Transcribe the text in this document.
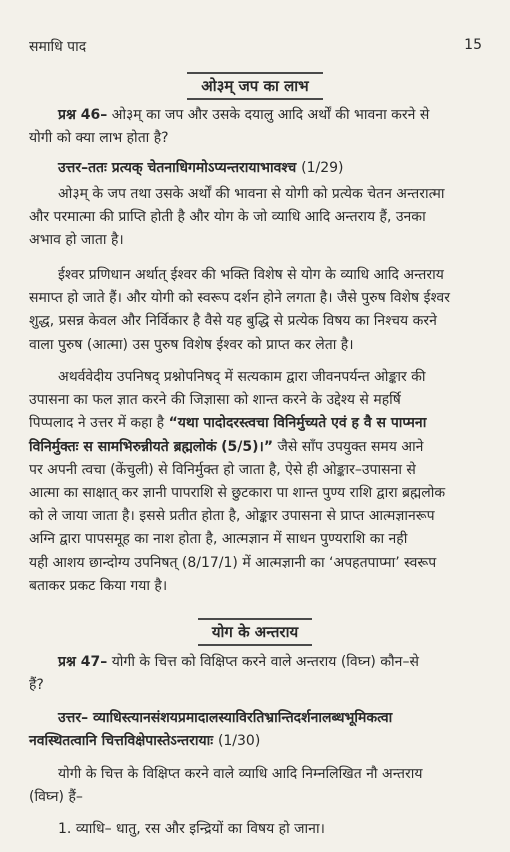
समाधि पाद	15
ओ३म् जप का लाभ

प्रश्न 46– ओ३म् का जप और उसके दयालु आदि अर्थों की भावना करने से

योगी को क्या लाभ होता है?

उत्तर–ततः प्रत्यक् चेतनाधिगमोऽप्यन्तरायाभावश्च (1/29)

ओ३म् के जप तथा उसके अर्थों की भावना से योगी को प्रत्येक चेतन अन्तरात्मा

और परमात्मा की प्राप्ति होती है और योग के जो व्याधि आदि अन्तराय हैं, उनका

अभाव हो जाता है।

ईश्वर प्रणिधान अर्थात् ईश्वर की भक्ति विशेष से योग के व्याधि आदि अन्तराय

समाप्त हो जाते हैं। और योगी को स्वरूप दर्शन होने लगता है। जैसे पुरुष विशेष ईश्वर

शुद्ध, प्रसन्न केवल और निर्विकार है वैसे यह बुद्धि से प्रत्येक विषय का निश्चय करने

वाला पुरुष (आत्मा) उस पुरुष विशेष ईश्वर को प्राप्त कर लेता है।

अथर्ववेदीय उपनिषद् प्रश्नोपनिषद् में सत्यकाम द्वारा जीवनपर्यन्त ओङ्कार की

उपासना का फल ज्ञात करने की जिज्ञासा को शान्त करने के उद्देश्य से महर्षि

पिप्पलाद ने उत्तर में कहा है “यथा पादोदरस्त्वचा विनिर्मुच्यते एवं ह वै स पाप्मना

विनिर्मुक्तः स सामभिरुन्नीयते ब्रह्मलोकं (5/5)।” जैसे साँप उपयुक्त समय आने

पर अपनी त्वचा (केंचुली) से विनिर्मुक्त हो जाता है, ऐसे ही ओङ्कार–उपासना से

आत्मा का साक्षात् कर ज्ञानी पापराशि से छुटकारा पा शान्त पुण्य राशि द्वारा ब्रह्मलोक

को ले जाया जाता है। इससे प्रतीत होता है, ओङ्कार उपासना से प्राप्त आत्मज्ञानरूप

अग्नि द्वारा पापसमूह का नाश होता है, आत्मज्ञान में साधन पुण्यराशि का नही

यही आशय छान्दोग्य उपनिषत् (8/17/1) में आत्मज्ञानी का ‘अपहतपाप्मा’ स्वरूप

बताकर प्रकट किया गया है।

योग के अन्तराय

प्रश्न 47– योगी के चित्त को विक्षिप्त करने वाले अन्तराय (विघ्न) कौन–से

हैं?

उत्तर– व्याधिस्त्यानसंशयप्रमादालस्याविरतिभ्रान्तिदर्शनालब्धभूमिकत्वा

नवस्थितत्वानि चित्तविक्षेपास्तेऽन्तरायाः (1/30)

योगी के चित्त के विक्षिप्त करने वाले व्याधि आदि निम्नलिखित नौ अन्तराय

(विघ्न) हैं–

1. व्याधि– धातु, रस और इन्द्रियों का विषय हो जाना।
